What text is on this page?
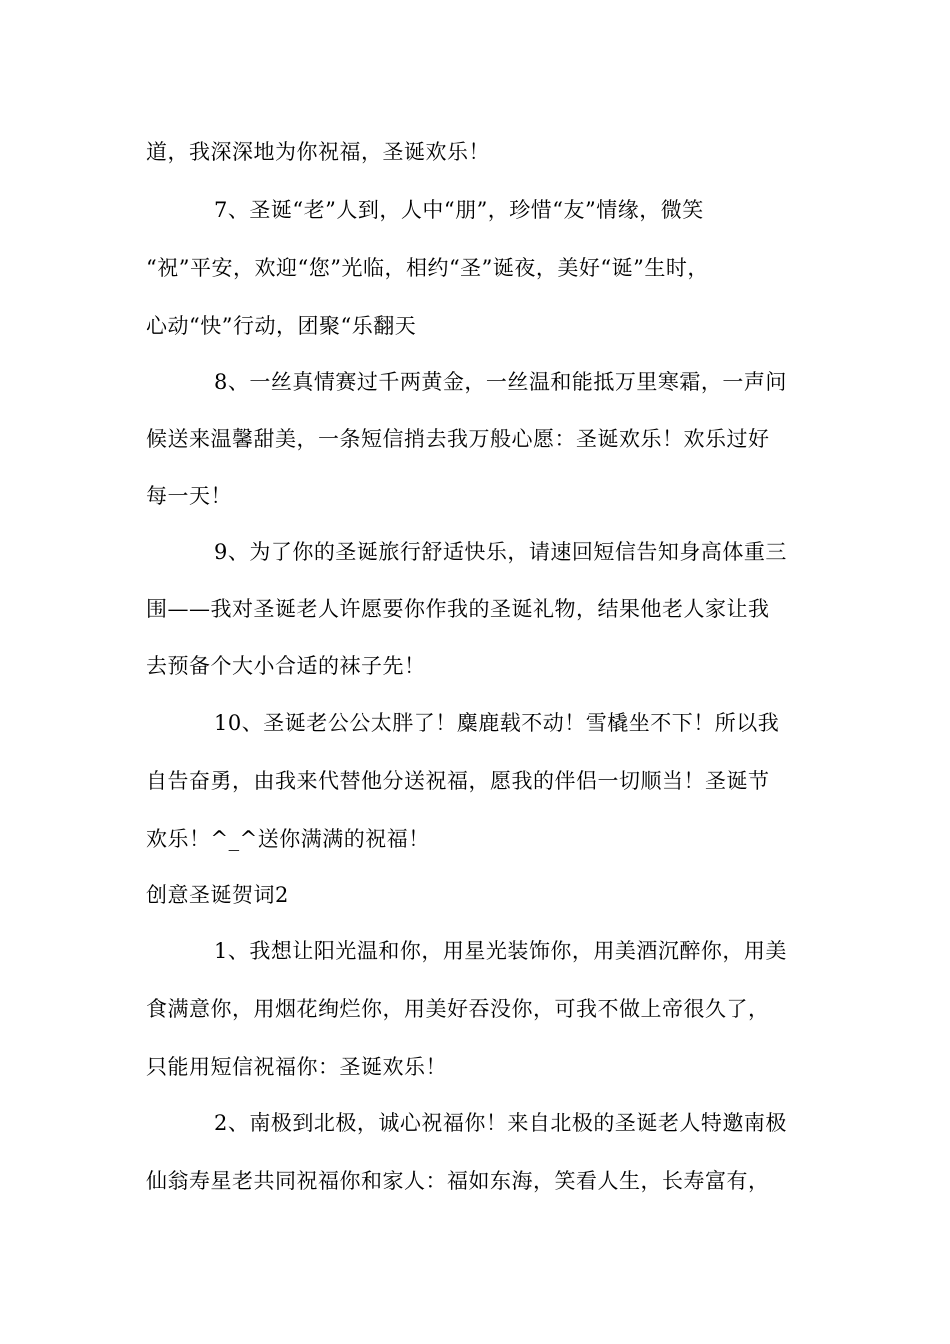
道，我深深地为你祝福，圣诞欢乐！
7、圣诞“老”人到，人中“朋”，珍惜“友”情缘，微笑
“祝”平安，欢迎“您”光临，相约“圣”诞夜，美好“诞”生时，
心动“快”行动，团聚“乐翻天
8、一丝真情赛过千两黄金，一丝温和能抵万里寒霜，一声问
候送来温馨甜美，一条短信捎去我万般心愿：圣诞欢乐！欢乐过好
每一天！
9、为了你的圣诞旅行舒适快乐，请速回短信告知身高体重三
围——我对圣诞老人许愿要你作我的圣诞礼物，结果他老人家让我
去预备个大小合适的袜子先！
10、圣诞老公公太胖了！麋鹿载不动！雪橇坐不下！所以我
自告奋勇，由我来代替他分送祝福，愿我的伴侣一切顺当！圣诞节
欢乐！^_^送你满满的祝福！
创意圣诞贺词2
1、我想让阳光温和你，用星光装饰你，用美酒沉醉你，用美
食满意你，用烟花绚烂你，用美好吞没你，可我不做上帝很久了，
只能用短信祝福你：圣诞欢乐！
2、南极到北极，诚心祝福你！来自北极的圣诞老人特邀南极
仙翁寿星老共同祝福你和家人：福如东海，笑看人生，长寿富有，
